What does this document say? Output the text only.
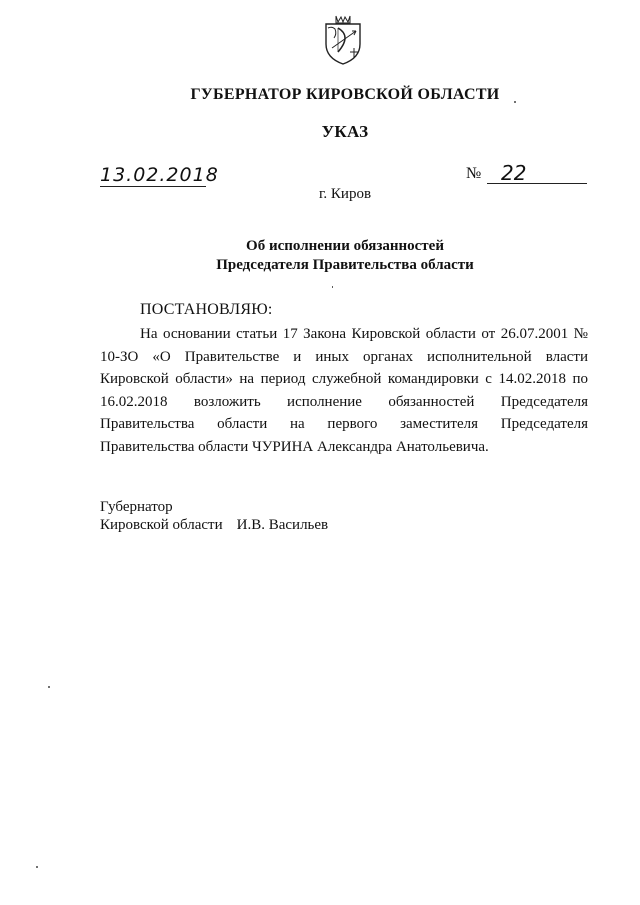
ГУБЕРНАТОР КИРОВСКОЙ ОБЛАСТИ
УКАЗ
13.02.2018	№ 22
г. Киров
Об исполнении обязанностей
Председателя Правительства области
ПОСТАНОВЛЯЮ:

На основании статьи 17 Закона Кировской области от 26.07.2001 № 10-ЗО «О Правительстве и иных органах исполнительной власти Кировской области» на период служебной командировки с 14.02.2018 по 16.02.2018 возложить исполнение обязанностей Председателя Правительства области на первого заместителя Председателя Правительства области ЧУРИНА Александра Анатольевича.

Губернатор
Кировской области И.В. Васильев
